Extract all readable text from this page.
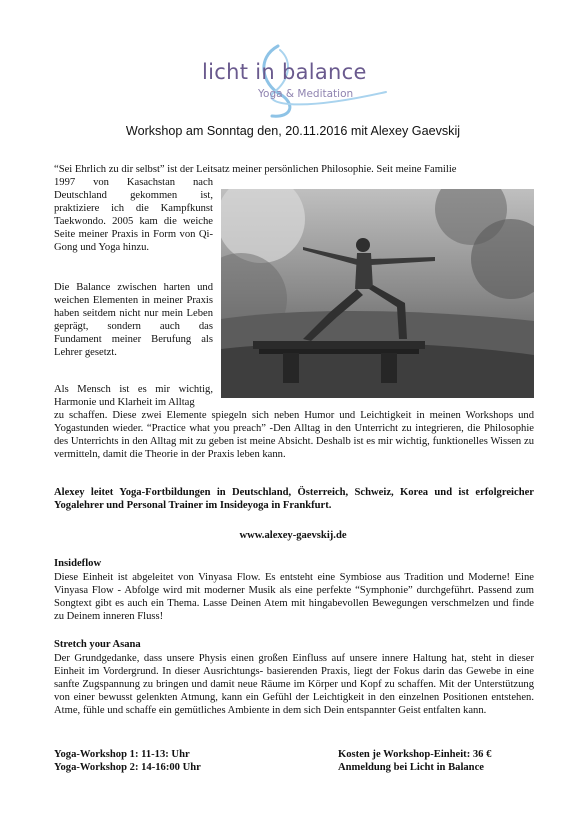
licht in balance
Yoga & Meditation
Workshop am Sonntag den, 20.11.2016 mit Alexey Gaevskij

“Sei Ehrlich zu dir selbst” ist der Leitsatz meiner persönlichen Philosophie. Seit meine Familie

1997 von Kasachstan nach Deutschland gekommen ist, praktiziere ich die Kampfkunst Taekwondo. 2005 kam die weiche Seite meiner Praxis in Form von Qi-Gong und Yoga hinzu.

Die Balance zwischen harten und weichen Elementen in meiner Praxis haben seitdem nicht nur mein Leben geprägt, sondern auch das Fundament meiner Berufung als Lehrer gesetzt.

Als Mensch ist es mir wichtig, Harmonie und Klarheit im Alltag

zu schaffen. Diese zwei Elemente spiegeln sich neben Humor und Leichtigkeit in meinen Workshops und Yogastunden wieder. “Practice what you preach” -Den Alltag in den Unterricht zu integrieren, die Philosophie des Unterrichts in den Alltag mit zu geben ist meine Absicht. Deshalb ist es mir wichtig, funktionelles Wissen zu vermitteln, damit die Theorie in der Praxis leben kann.

Alexey leitet Yoga-Fortbildungen in Deutschland, Österreich, Schweiz, Korea und ist erfolgreicher Yogalehrer und Personal Trainer im Insideyoga in Frankfurt.
www.alexey-gaevskij.de
Insideflow

Diese Einheit ist abgeleitet von Vinyasa Flow. Es entsteht eine Symbiose aus Tradition und Moderne! Eine Vinyasa Flow - Abfolge wird mit moderner Musik als eine perfekte “Symphonie” durchgeführt. Passend zum Songtext gibt es auch ein Thema. Lasse Deinen Atem mit hingabevollen Bewegungen verschmelzen und finde zu Deinem inneren Fluss!

Stretch your Asana

Der Grundgedanke, dass unsere Physis einen großen Einfluss auf unsere innere Haltung hat, steht in dieser Einheit im Vordergrund. In dieser Ausrichtungs- basierenden Praxis, liegt der Fokus darin das Gewebe in eine sanfte Zugspannung zu bringen und damit neue Räume im Körper und Kopf zu schaffen. Mit der Unterstützung von einer bewusst gelenkten Atmung, kann ein Gefühl der Leichtigkeit in den einzelnen Positionen entstehen. Atme, fühle und schaffe ein gemütliches Ambiente in dem sich Dein entspannter Geist entfalten kann.

Yoga-Workshop 1: 11-13: Uhr
Yoga-Workshop 2: 14-16:00 Uhr
Kosten je Workshop-Einheit: 36 €
Anmeldung bei Licht in Balance
